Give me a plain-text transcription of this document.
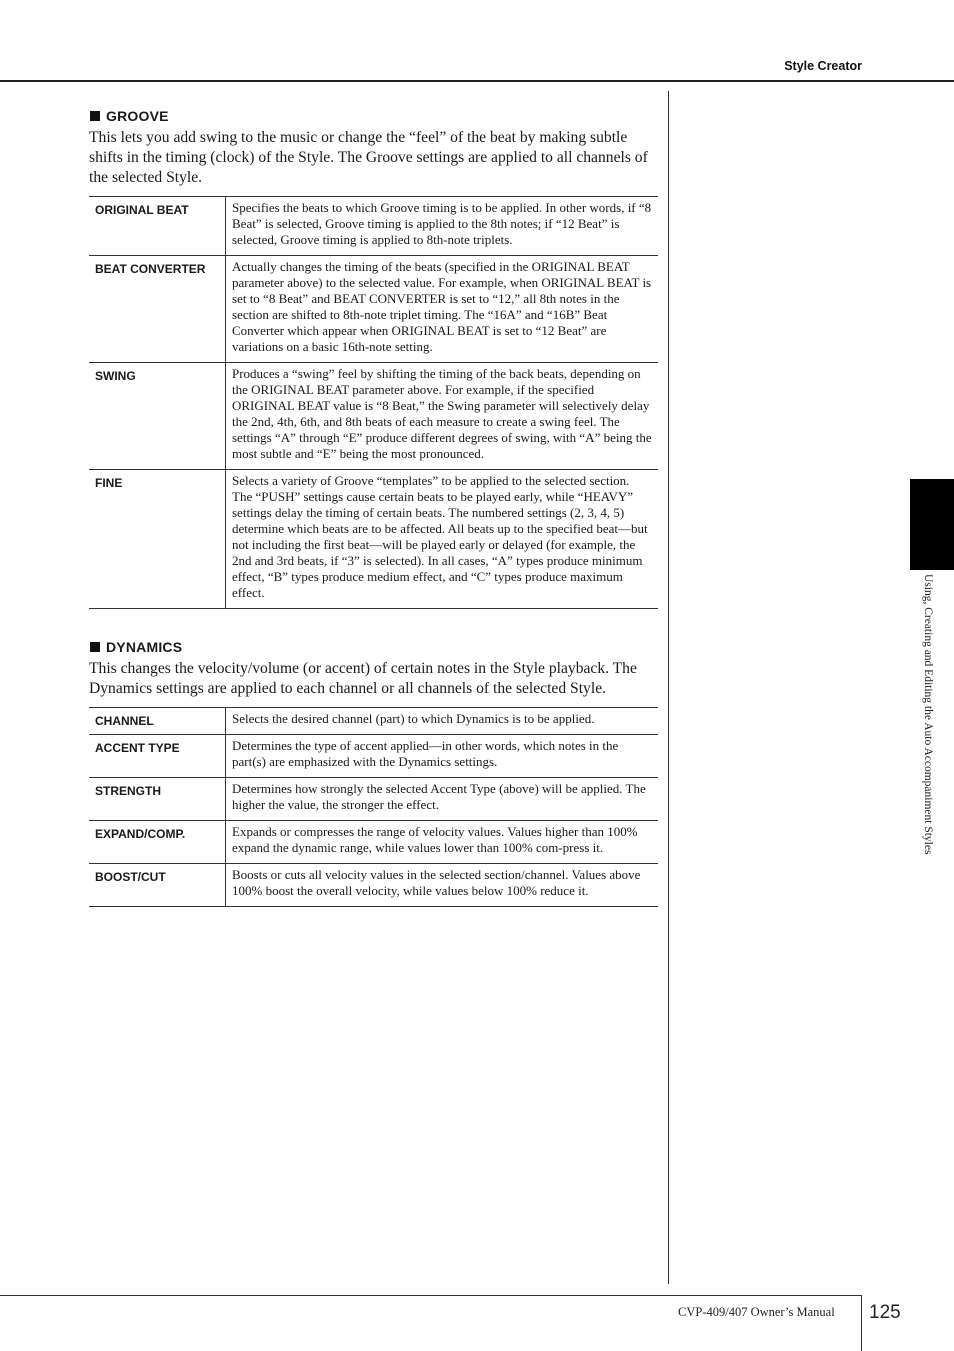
Style Creator
Using, Creating and Editing the Auto Accompaniment Styles
GROOVE

This lets you add swing to the music or change the “feel” of the beat by making subtle shifts in the timing (clock) of the Style. The Groove settings are applied to all channels of the selected Style.

ORIGINAL BEAT	Specifies the beats to which Groove timing is to be applied. In other words, if “8 Beat” is selected, Groove timing is applied to the 8th notes; if “12 Beat” is selected, Groove timing is applied to 8th-note triplets.
BEAT CONVERTER	Actually changes the timing of the beats (specified in the ORIGINAL BEAT parameter above) to the selected value. For example, when ORIGINAL BEAT is set to “8 Beat” and BEAT CONVERTER is set to “12,” all 8th notes in the section are shifted to 8th-note triplet timing. The “16A” and “16B” Beat Converter which appear when ORIGINAL BEAT is set to “12 Beat” are variations on a basic 16th-note setting.
SWING	Produces a “swing” feel by shifting the timing of the back beats, depending on the ORIGINAL BEAT parameter above. For example, if the specified ORIGINAL BEAT value is “8 Beat,” the Swing parameter will selectively delay the 2nd, 4th, 6th, and 8th beats of each measure to create a swing feel. The settings “A” through “E” produce different degrees of swing, with “A” being the most subtle and “E” being the most pronounced.
FINE	Selects a variety of Groove “templates” to be applied to the selected section. The “PUSH” settings cause certain beats to be played early, while “HEAVY” settings delay the timing of certain beats. The numbered settings (2, 3, 4, 5) determine which beats are to be affected. All beats up to the specified beat—but not including the first beat—will be played early or delayed (for example, the 2nd and 3rd beats, if “3” is selected). In all cases, “A” types produce minimum effect, “B” types produce medium effect, and “C” types produce maximum effect.
DYNAMICS

This changes the velocity/volume (or accent) of certain notes in the Style playback. The Dynamics settings are applied to each channel or all channels of the selected Style.

CHANNEL	Selects the desired channel (part) to which Dynamics is to be applied.
ACCENT TYPE	Determines the type of accent applied—in other words, which notes in the part(s) are emphasized with the Dynamics settings.
STRENGTH	Determines how strongly the selected Accent Type (above) will be applied. The higher the value, the stronger the effect.
EXPAND/COMP.	Expands or compresses the range of velocity values. Values higher than 100% expand the dynamic range, while values lower than 100% com-press it.
BOOST/CUT	Boosts or cuts all velocity values in the selected section/channel. Values above 100% boost the overall velocity, while values below 100% reduce it.
CVP-409/407 Owner’s Manual 125
